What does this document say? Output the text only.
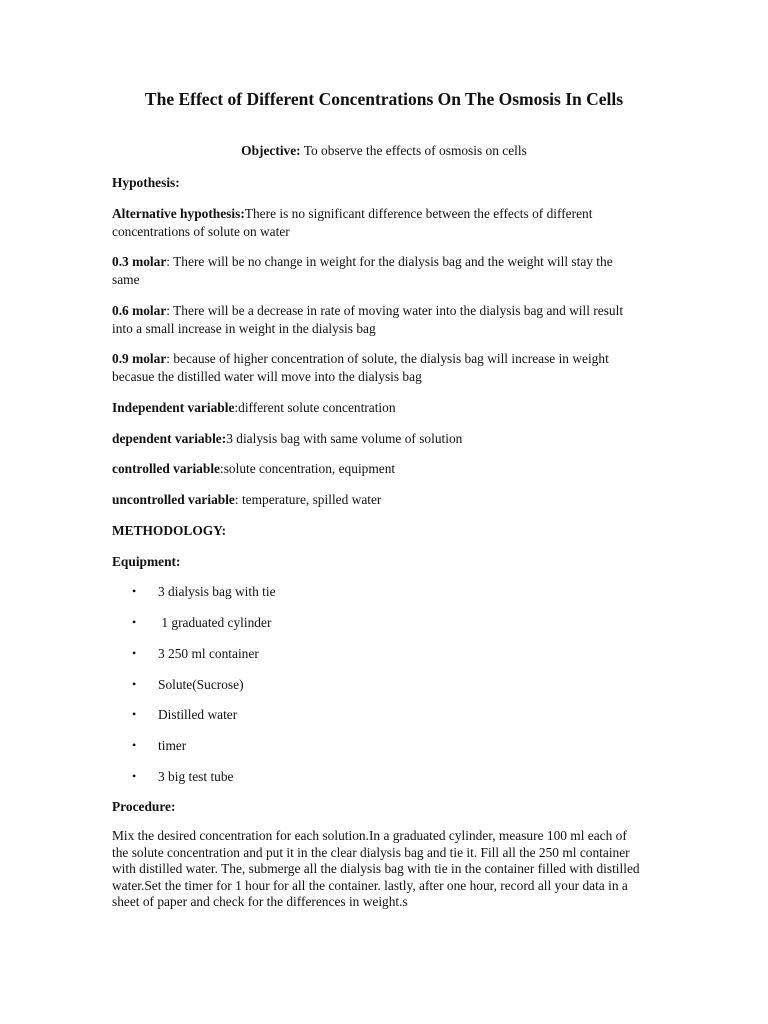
The Effect of Different Concentrations On The Osmosis In Cells
Objective: To observe the effects of osmosis on cells
Hypothesis:
Alternative hypothesis:There is no significant difference between the effects of different concentrations of solute on water
0.3 molar: There will be no change in weight for the dialysis bag and the weight will stay the same
0.6 molar: There will be a decrease in rate of moving water into the dialysis bag and will result into a small increase in weight in the dialysis bag
0.9 molar: because of higher concentration of solute, the dialysis bag will increase in weight becasue the distilled water will move into the dialysis bag
Independent variable:different solute concentration
dependent variable:3 dialysis bag with same volume of solution
controlled variable:solute concentration, equipment
uncontrolled variable: temperature, spilled water
METHODOLOGY:
Equipment:
• 3 dialysis bag with tie
• 1 graduated cylinder
• 3 250 ml container
• Solute(Sucrose)
• Distilled water
• timer
• 3 big test tube
Procedure:
Mix the desired concentration for each solution.In a graduated cylinder, measure 100 ml each of the solute concentration and put it in the clear dialysis bag and tie it. Fill all the 250 ml container with distilled water. The, submerge all the dialysis bag with tie in the container filled with distilled water.Set the timer for 1 hour for all the container. lastly, after one hour, record all your data in a sheet of paper and check for the differences in weight.s
